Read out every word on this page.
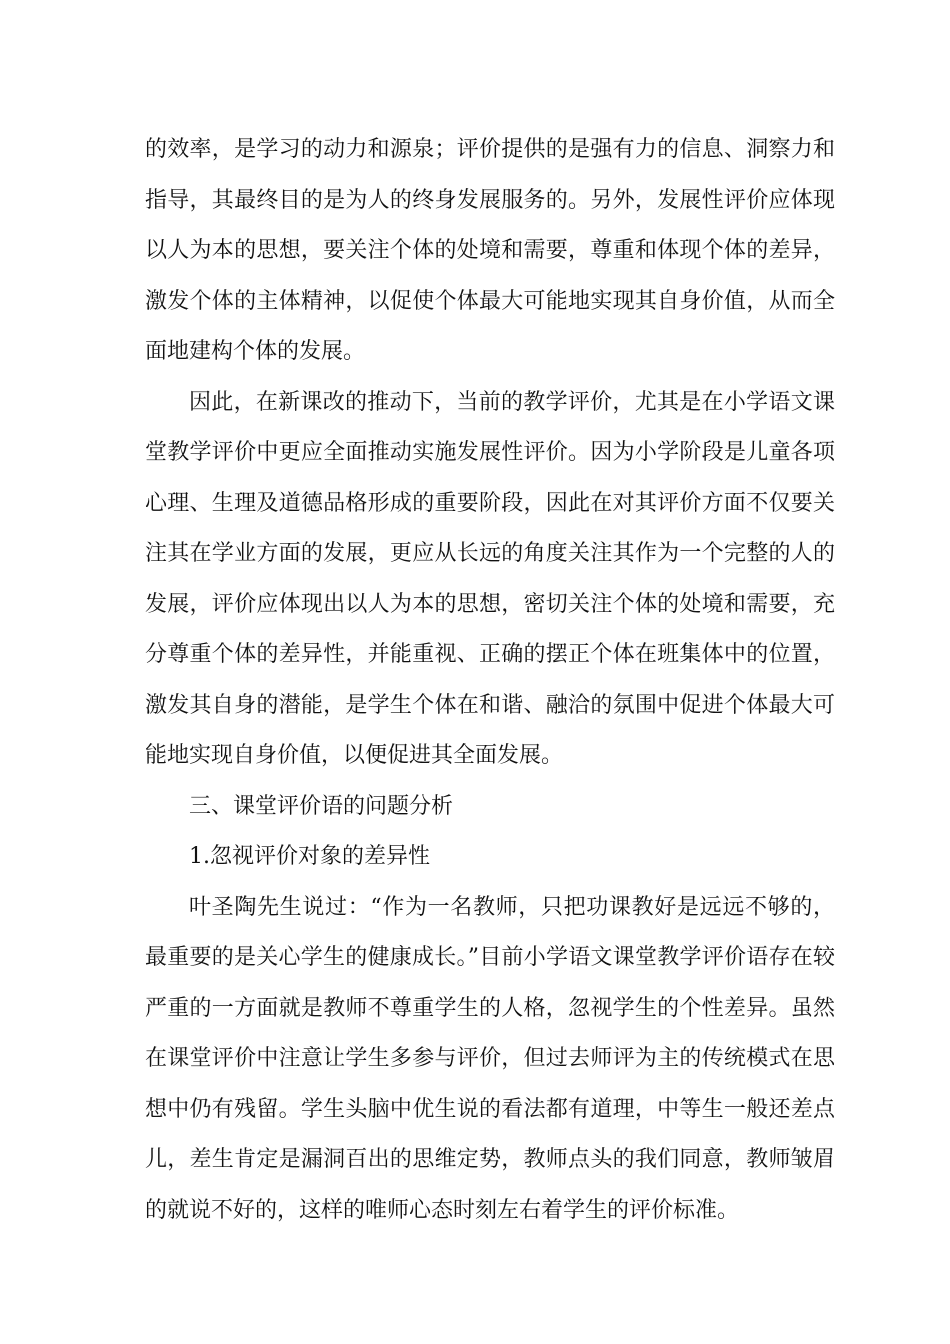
的效率，是学习的动力和源泉；评价提供的是强有力的信息、洞察力和指导，其最终目的是为人的终身发展服务的。另外，发展性评价应体现以人为本的思想，要关注个体的处境和需要，尊重和体现个体的差异，激发个体的主体精神，以促使个体最大可能地实现其自身价值，从而全面地建构个体的发展。

因此，在新课改的推动下，当前的教学评价，尤其是在小学语文课堂教学评价中更应全面推动实施发展性评价。因为小学阶段是儿童各项心理、生理及道德品格形成的重要阶段，因此在对其评价方面不仅要关注其在学业方面的发展，更应从长远的角度关注其作为一个完整的人的发展，评价应体现出以人为本的思想，密切关注个体的处境和需要，充分尊重个体的差异性，并能重视、正确的摆正个体在班集体中的位置，激发其自身的潜能，是学生个体在和谐、融洽的氛围中促进个体最大可能地实现自身价值，以便促进其全面发展。

三、课堂评价语的问题分析

1.忽视评价对象的差异性

叶圣陶先生说过：“作为一名教师，只把功课教好是远远不够的，最重要的是关心学生的健康成长。”目前小学语文课堂教学评价语存在较严重的一方面就是教师不尊重学生的人格，忽视学生的个性差异。虽然在课堂评价中注意让学生多参与评价，但过去师评为主的传统模式在思想中仍有残留。学生头脑中优生说的看法都有道理，中等生一般还差点儿，差生肯定是漏洞百出的思维定势，教师点头的我们同意，教师皱眉的就说不好的，这样的唯师心态时刻左右着学生的评价标准。
